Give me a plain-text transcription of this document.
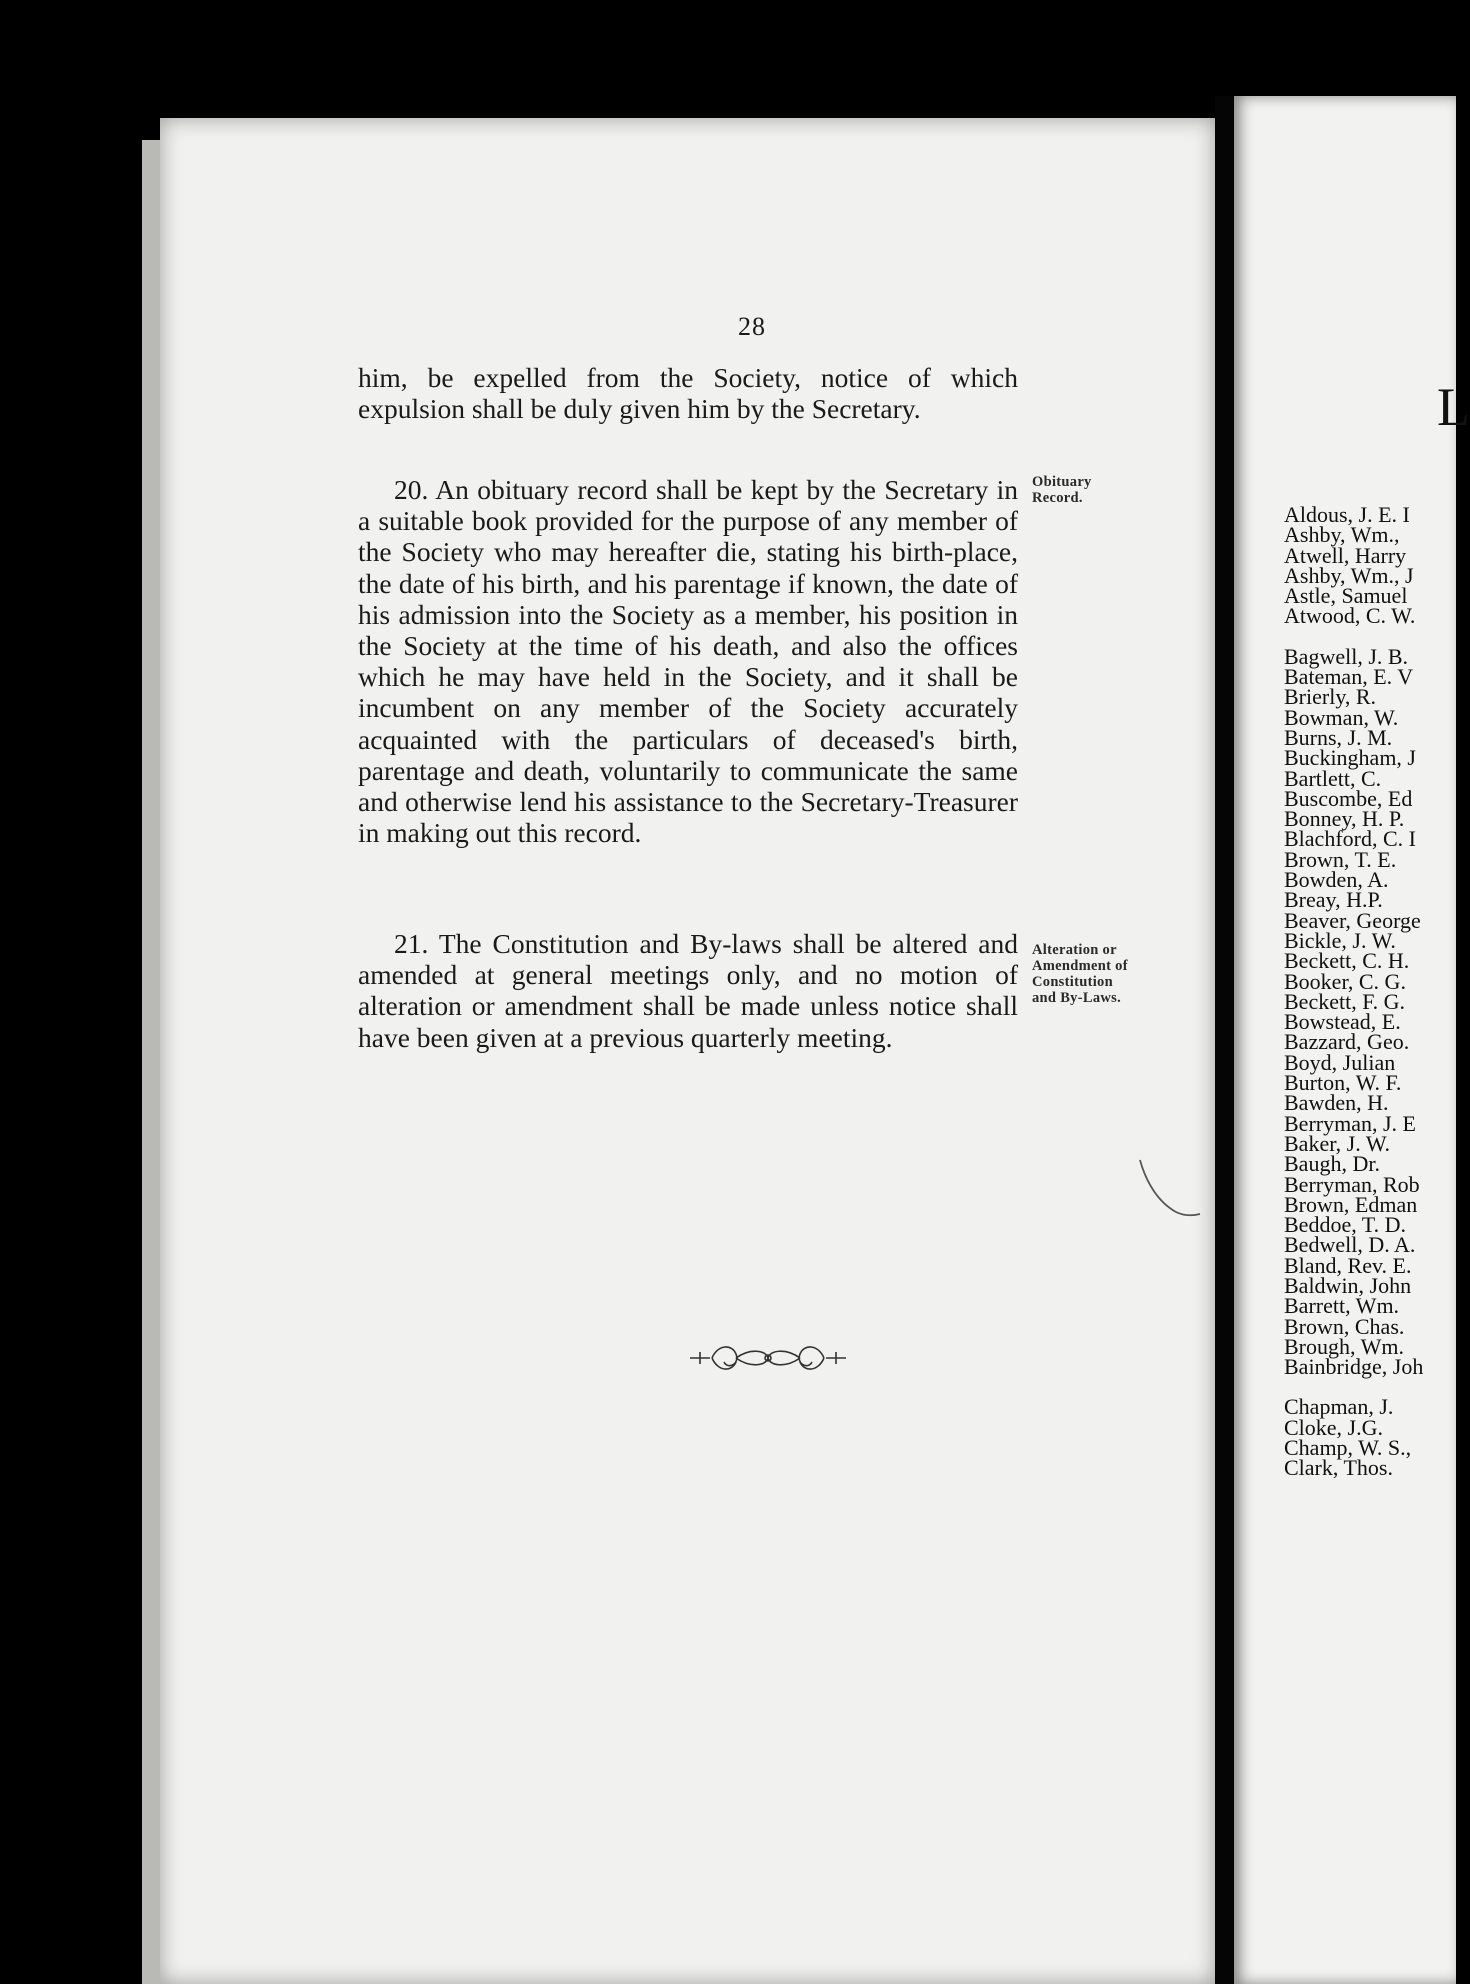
28

him, be expelled from the Society, notice of which expulsion shall be duly given him by the Secretary.

20. An obituary record shall be kept by the Secretary in a suitable book provided for the purpose of any member of the Society who may hereafter die, stating his birth-place, the date of his birth, and his parentage if known, the date of his admission into the Society as a member, his position in the Society at the time of his death, and also the offices which he may have held in the Society, and it shall be incumbent on any member of the Society accurately acquainted with the particulars of deceased's birth, parentage and death, voluntarily to communicate the same and otherwise lend his assistance to the Secretary-Treasurer in making out this record.

21. The Constitution and By-laws shall be altered and amended at general meetings only, and no motion of alteration or amendment shall be made unless notice shall have been given at a previous quarterly meeting.

Obituary
Record.
Alteration or
Amendment of
Constitution
and By-Laws.
L
Aldous, J. E. I
Ashby, Wm.,
Atwell, Harry
Ashby, Wm., J
Astle, Samuel
Atwood, C. W.
Bagwell, J. B.
Bateman, E. V
Brierly, R.
Bowman, W.
Burns, J. M.
Buckingham, J
Bartlett, C.
Buscombe, Ed
Bonney, H. P.
Blachford, C. I
Brown, T. E.
Bowden, A.
Breay, H.P.
Beaver, George
Bickle, J. W.
Beckett, C. H.
Booker, C. G.
Beckett, F. G.
Bowstead, E.
Bazzard, Geo.
Boyd, Julian
Burton, W. F.
Bawden, H.
Berryman, J. E
Baker, J. W.
Baugh, Dr.
Berryman, Rob
Brown, Edman
Beddoe, T. D.
Bedwell, D. A.
Bland, Rev. E.
Baldwin, John
Barrett, Wm.
Brown, Chas.
Brough, Wm.
Bainbridge, Joh
Chapman, J.
Cloke, J.G.
Champ, W. S.,
Clark, Thos.
